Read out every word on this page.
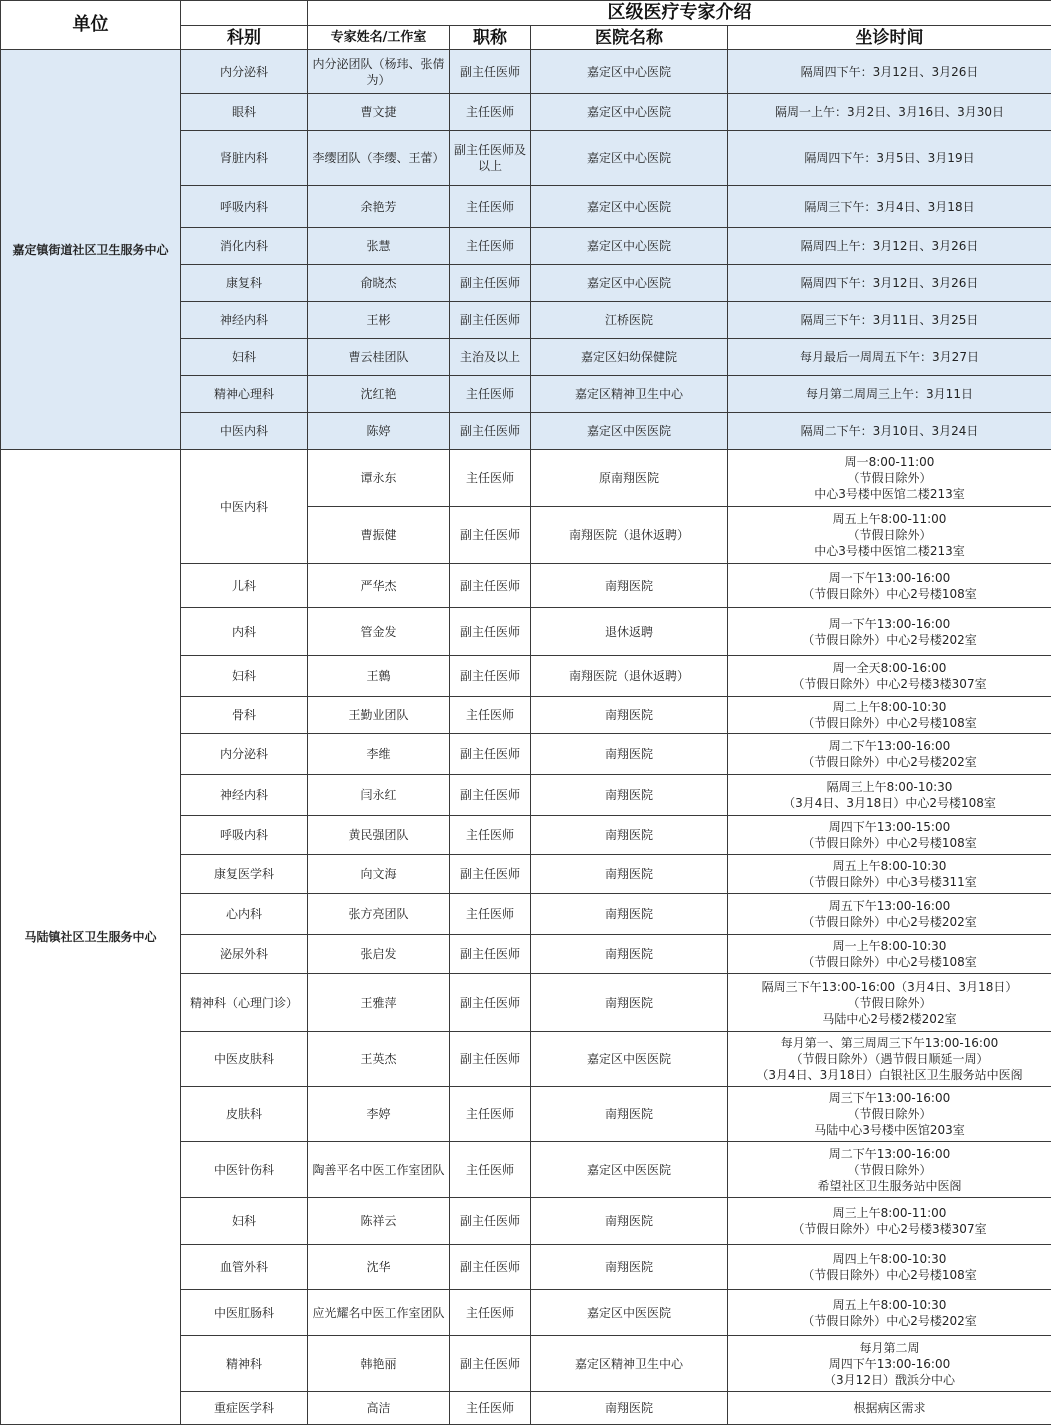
单位		区级医疗专家介绍			
	科别	专家姓名/工作室	职称	医院名称	坐诊时间
嘉定镇街道社区卫生服务中心	内分泌科	内分泌团队（杨玮、张倩为）	副主任医师	嘉定区中心医院	隔周四下午：3月12日、3月26日
	眼科	曹文捷	主任医师	嘉定区中心医院	隔周一上午：3月2日、3月16日、3月30日
	肾脏内科	李缨团队（李缨、王蕾）	副主任医师及以上	嘉定区中心医院	隔周四下午：3月5日、3月19日
	呼吸内科	余艳芳	主任医师	嘉定区中心医院	隔周三下午：3月4日、3月18日
	消化内科	张慧	主任医师	嘉定区中心医院	隔周四上午：3月12日、3月26日
	康复科	俞晓杰	副主任医师	嘉定区中心医院	隔周四下午：3月12日、3月26日
	神经内科	王彬	副主任医师	江桥医院	隔周三下午：3月11日、3月25日
	妇科	曹云桂团队	主治及以上	嘉定区妇幼保健院	每月最后一周周五下午：3月27日
	精神心理科	沈红艳	主任医师	嘉定区精神卫生中心	每月第二周周三上午：3月11日
	中医内科	陈婷	副主任医师	嘉定区中医医院	隔周二下午：3月10日、3月24日
马陆镇社区卫生服务中心	中医内科	谭永东	主任医师	原南翔医院	周一8:00-11:00
（节假日除外）
中心3号楼中医馆二楼213室
		曹振健	副主任医师	南翔医院（退休返聘）	周五上午8:00-11:00
（节假日除外）
中心3号楼中医馆二楼213室
	儿科	严华杰	副主任医师	南翔医院	周一下午13:00-16:00
（节假日除外）中心2号楼108室
	内科	管金发	副主任医师	退休返聘	周一下午13:00-16:00
（节假日除外）中心2号楼202室
	妇科	王鷯	副主任医师	南翔医院（退休返聘）	周一全天8:00-16:00
（节假日除外）中心2号楼3楼307室
	骨科	王勤业团队	主任医师	南翔医院	周二上午8:00-10:30
（节假日除外）中心2号楼108室
	内分泌科	李维	副主任医师	南翔医院	周二下午13:00-16:00
（节假日除外）中心2号楼202室
	神经内科	闫永红	副主任医师	南翔医院	隔周三上午8:00-10:30
（3月4日、3月18日）中心2号楼108室
	呼吸内科	黄民强团队	主任医师	南翔医院	周四下午13:00-15:00
（节假日除外）中心2号楼108室
	康复医学科	向文海	副主任医师	南翔医院	周五上午8:00-10:30
（节假日除外）中心3号楼311室
	心内科	张方亮团队	主任医师	南翔医院	周五下午13:00-16:00
（节假日除外）中心2号楼202室
	泌尿外科	张启发	副主任医师	南翔医院	周一上午8:00-10:30
（节假日除外）中心2号楼108室
	精神科（心理门诊）	王雅萍	副主任医师	南翔医院	隔周三下午13:00-16:00（3月4日、3月18日）
（节假日除外）
马陆中心2号楼2楼202室
	中医皮肤科	王英杰	副主任医师	嘉定区中医医院	每月第一、第三周周三下午13:00-16:00
（节假日除外）（遇节假日顺延一周）
（3月4日、3月18日）白银社区卫生服务站中医阁
	皮肤科	李婷	主任医师	南翔医院	周三下午13:00-16:00
（节假日除外）
马陆中心3号楼中医馆203室
	中医针伤科	陶善平名中医工作室团队	主任医师	嘉定区中医医院	周二下午13:00-16:00
（节假日除外）
希望社区卫生服务站中医阁
	妇科	陈祥云	副主任医师	南翔医院	周三上午8:00-11:00
（节假日除外）中心2号楼3楼307室
	血管外科	沈华	副主任医师	南翔医院	周四上午8:00-10:30
（节假日除外）中心2号楼108室
	中医肛肠科	应光耀名中医工作室团队	主任医师	嘉定区中医医院	周五上午8:00-10:30
（节假日除外）中心2号楼202室
	精神科	韩艳丽	副主任医师	嘉定区精神卫生中心	每月第二周
周四下午13:00-16:00
（3月12日）戬浜分中心
	重症医学科	高洁	主任医师	南翔医院	根据病区需求
